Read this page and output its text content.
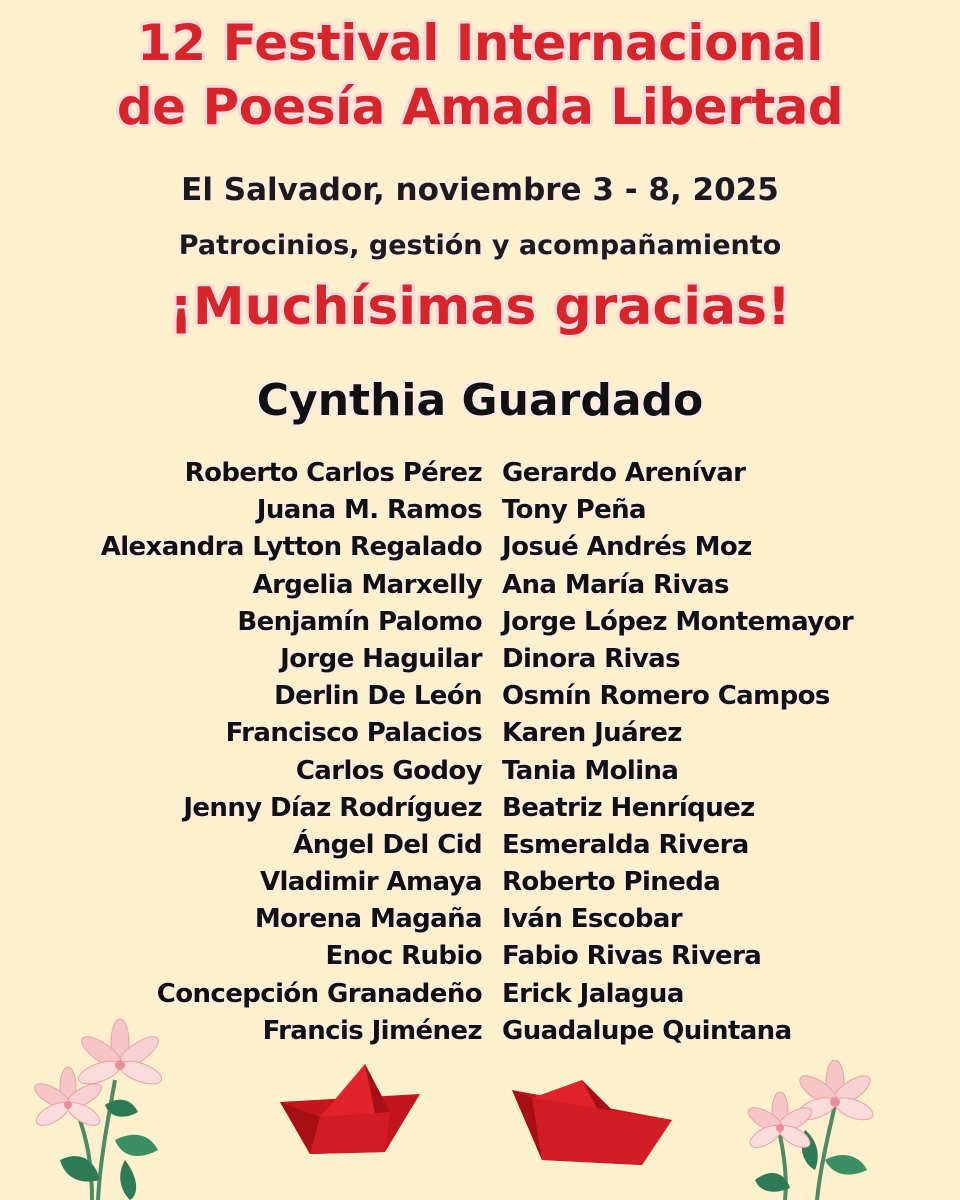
12 Festival Internacional
de Poesía Amada Libertad
El Salvador, noviembre 3 - 8, 2025
Patrocinios, gestión y acompañamiento
¡Muchísimas gracias!
Cynthia Guardado
Roberto Carlos Pérez
Juana M. Ramos
Alexandra Lytton Regalado
Argelia Marxelly
Benjamín Palomo
Jorge Haguilar
Derlin De León
Francisco Palacios
Carlos Godoy
Jenny Díaz Rodríguez
Ángel Del Cid
Vladimir Amaya
Morena Magaña
Enoc Rubio
Concepción Granadeño
Francis Jiménez
Gerardo Arenívar
Tony Peña
Josué Andrés Moz
Ana María Rivas
Jorge López Montemayor
Dinora Rivas
Osmín Romero Campos
Karen Juárez
Tania Molina
Beatriz Henríquez
Esmeralda Rivera
Roberto Pineda
Iván Escobar
Fabio Rivas Rivera
Erick Jalagua
Guadalupe Quintana
